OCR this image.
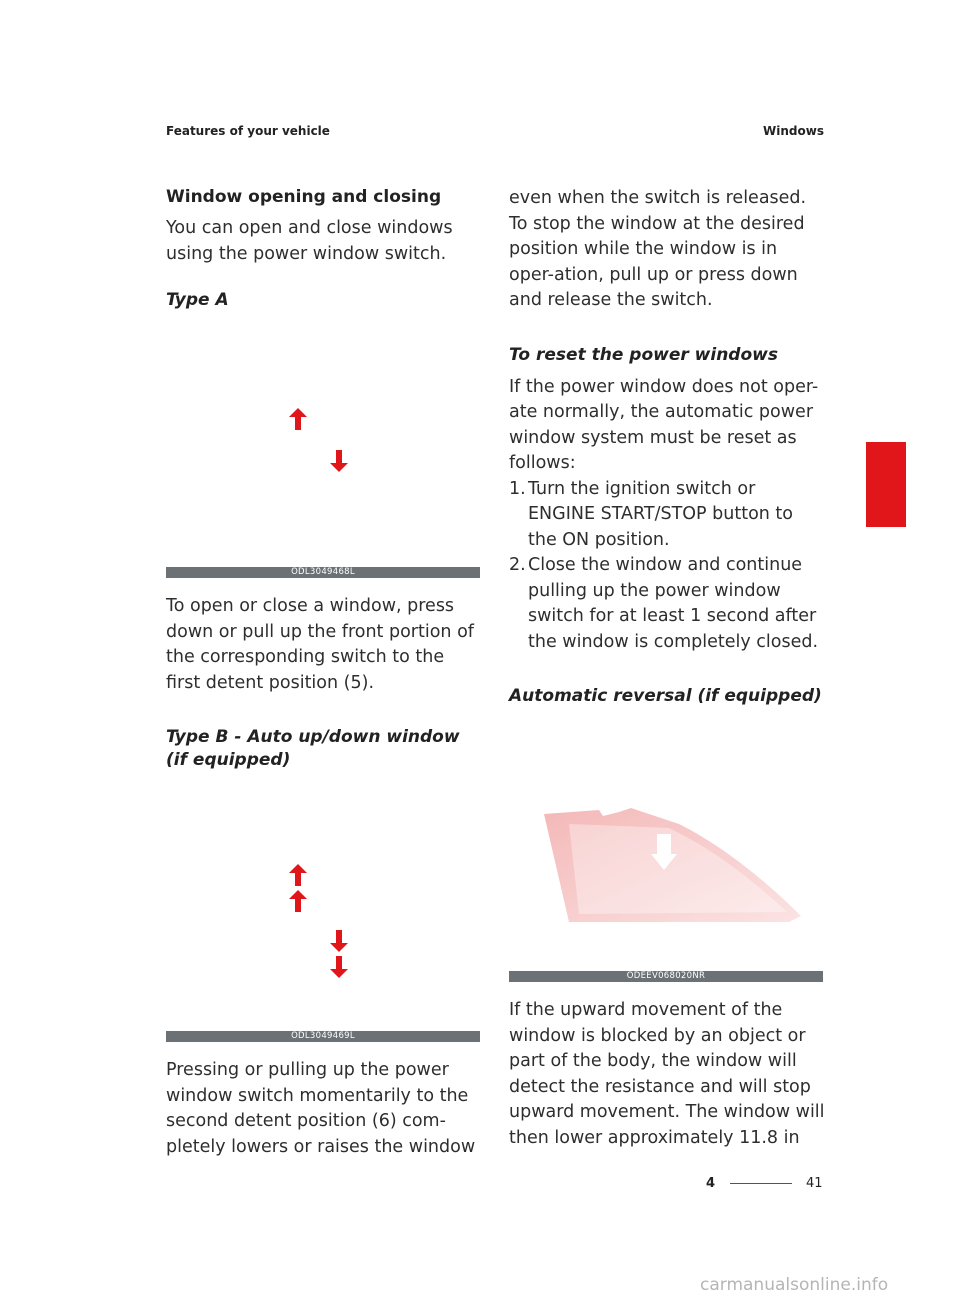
Features of your vehicle	Windows

Window opening and closing

You can open and close windows using the power window switch.

Type A

ODL3049468L

To open or close a window, press down or pull up the front portion of the corresponding switch to the first detent position (5).

Type B - Auto up/down window (if equipped)

ODL3049469L

Pressing or pulling up the power window switch momentarily to the second detent position (6) com-pletely lowers or raises the window

even when the switch is released. To stop the window at the desired position while the window is in oper-ation, pull up or press down and release the switch.

To reset the power windows

If the power window does not oper-ate normally, the automatic power window system must be reset as follows:

1. Turn the ignition switch or ENGINE START/STOP button to the ON position.
2. Close the window and continue pulling up the power window switch for at least 1 second after the window is completely closed.

Automatic reversal (if equipped)

ODEEV068020NR

If the upward movement of the window is blocked by an object or part of the body, the window will detect the resistance and will stop upward movement. The window will then lower approximately 11.8 in

4
4	41
carmanualsonline.info
